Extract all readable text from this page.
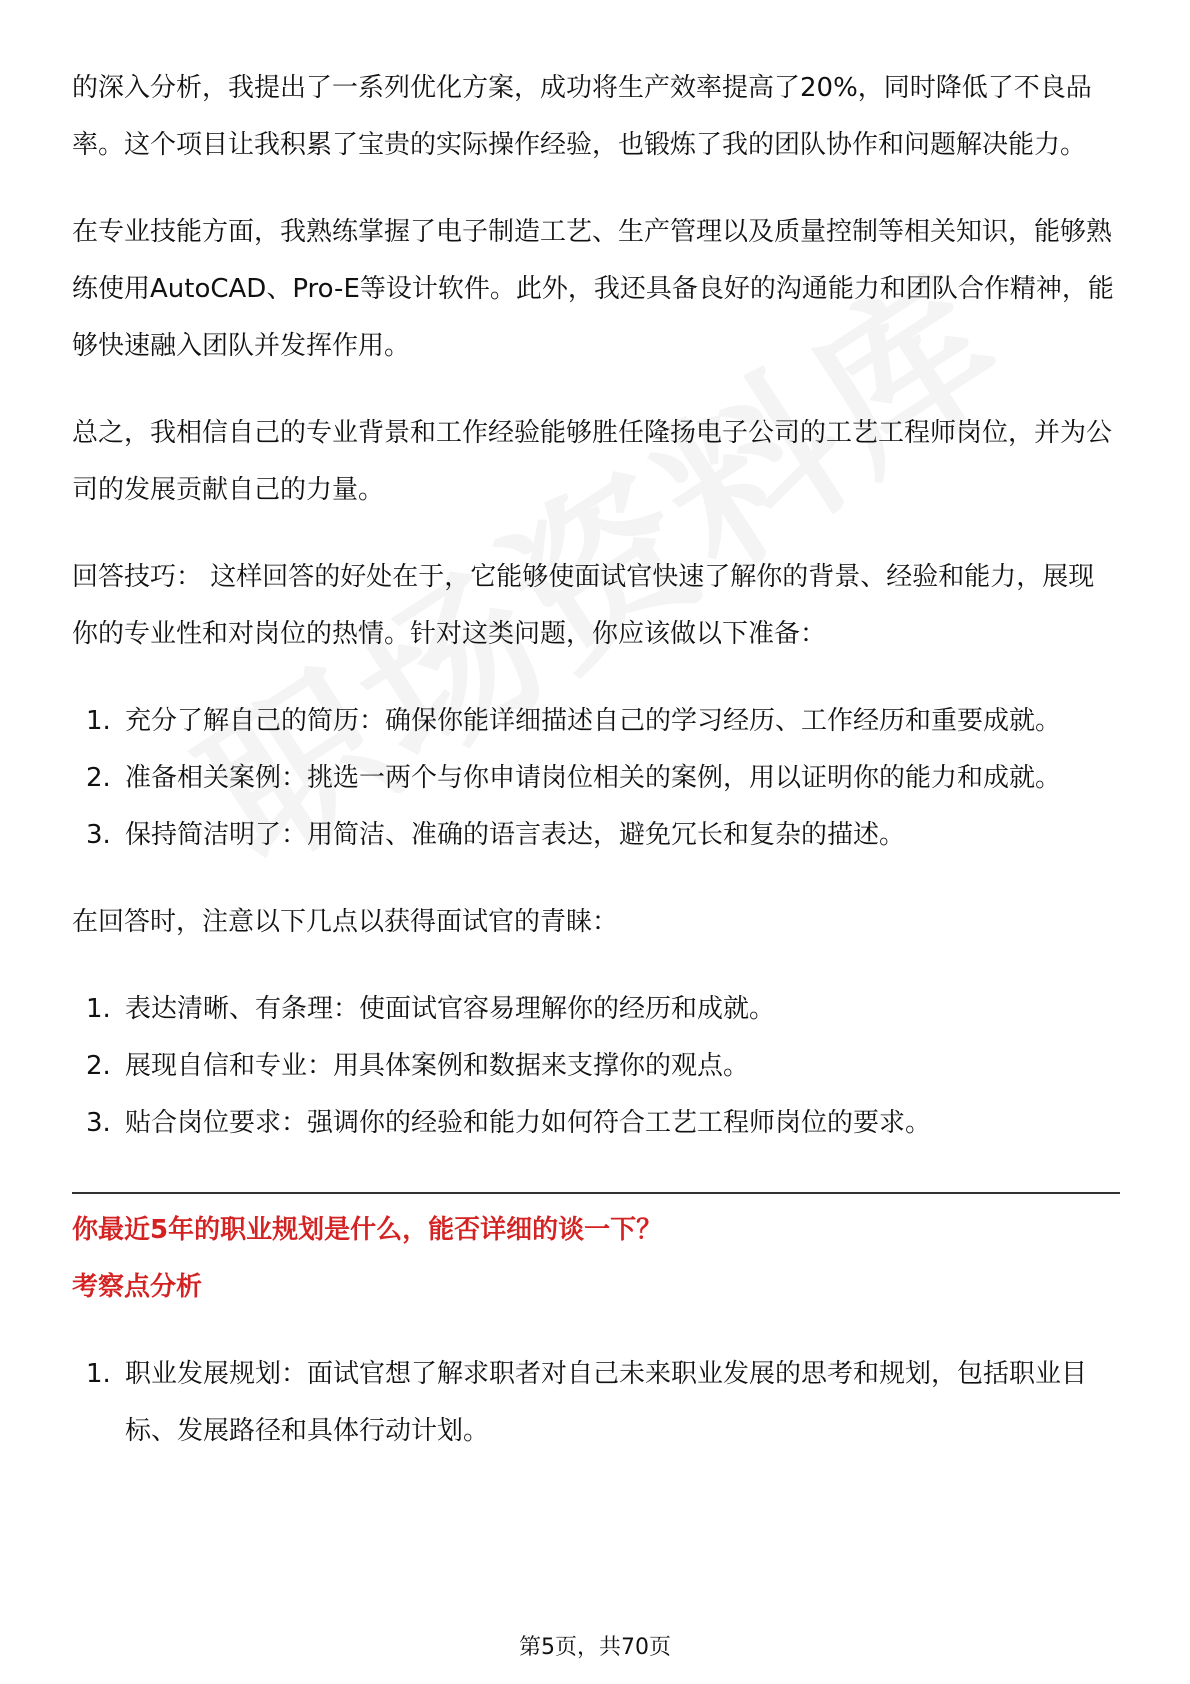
的深入分析，我提出了一系列优化方案，成功将生产效率提高了20%，同时降低了不良品率。这个项目让我积累了宝贵的实际操作经验，也锻炼了我的团队协作和问题解决能力。

在专业技能方面，我熟练掌握了电子制造工艺、生产管理以及质量控制等相关知识，能够熟练使用AutoCAD、Pro-E等设计软件。此外，我还具备良好的沟通能力和团队合作精神，能够快速融入团队并发挥作用。

总之，我相信自己的专业背景和工作经验能够胜任隆扬电子公司的工艺工程师岗位，并为公司的发展贡献自己的力量。

回答技巧： 这样回答的好处在于，它能够使面试官快速了解你的背景、经验和能力，展现你的专业性和对岗位的热情。针对这类问题，你应该做以下准备：

1. 充分了解自己的简历：确保你能详细描述自己的学习经历、工作经历和重要成就。
2. 准备相关案例：挑选一两个与你申请岗位相关的案例，用以证明你的能力和成就。
3. 保持简洁明了：用简洁、准确的语言表达，避免冗长和复杂的描述。

在回答时，注意以下几点以获得面试官的青睐：

1. 表达清晰、有条理：使面试官容易理解你的经历和成就。
2. 展现自信和专业：用具体案例和数据来支撑你的观点。
3. 贴合岗位要求：强调你的经验和能力如何符合工艺工程师岗位的要求。

你最近5年的职业规划是什么，能否详细的谈一下？

考察点分析

1. 职业发展规划：面试官想了解求职者对自己未来职业发展的思考和规划，包括职业目标、发展路径和具体行动计划。
第5页，共70页
